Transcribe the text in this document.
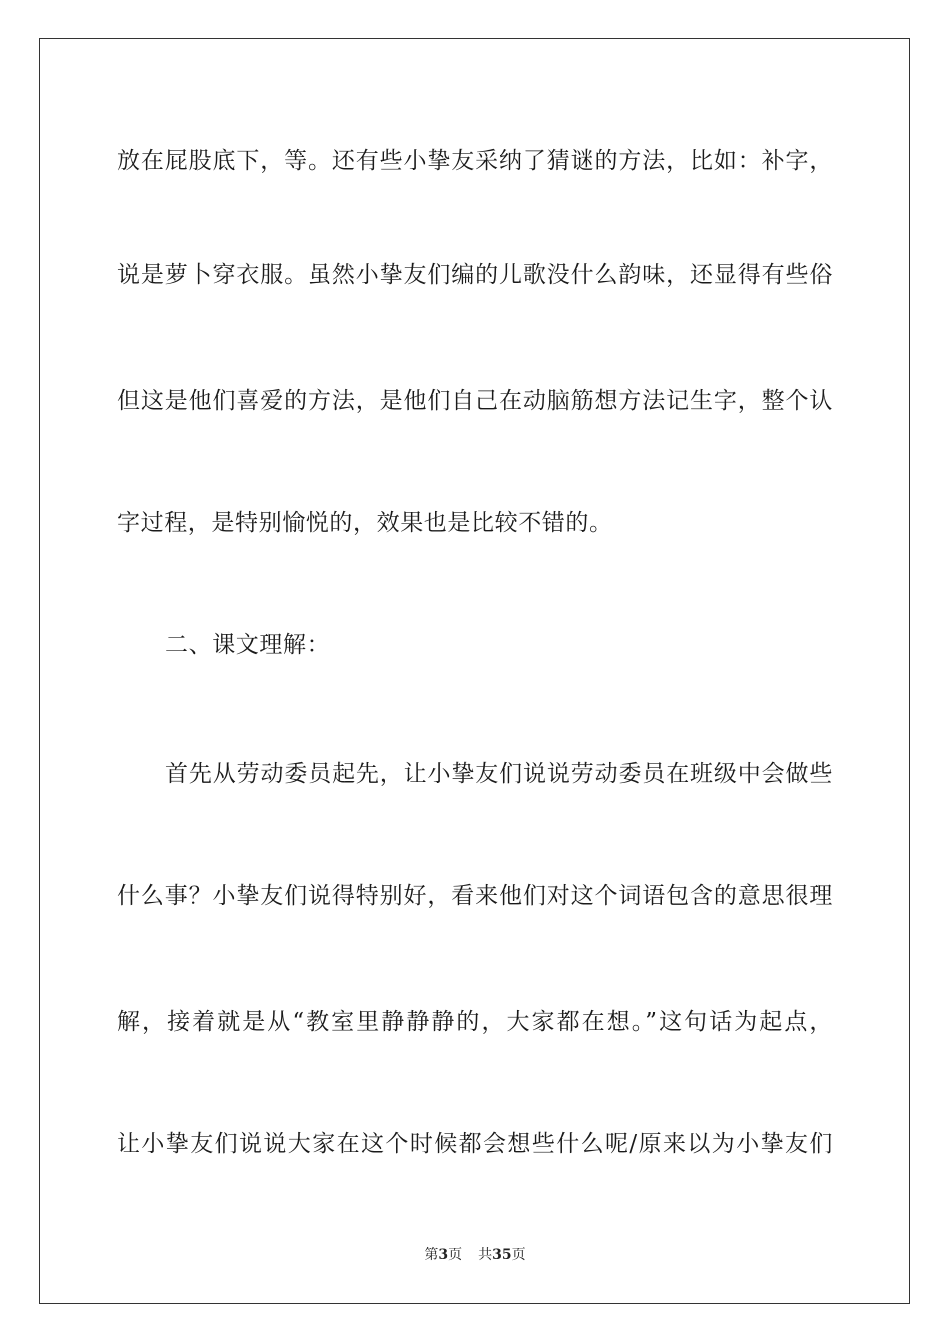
放在屁股底下，等。还有些小挚友采纳了猜谜的方法，比如：补字，
说是萝卜穿衣服。虽然小挚友们编的儿歌没什么韵味，还显得有些俗
但这是他们喜爱的方法，是他们自己在动脑筋想方法记生字，整个认
字过程，是特别愉悦的，效果也是比较不错的。
二、课文理解：
首先从劳动委员起先，让小挚友们说说劳动委员在班级中会做些
什么事？小挚友们说得特别好，看来他们对这个词语包含的意思很理
解，接着就是从“教室里静静静的，大家都在想。”这句话为起点，
让小挚友们说说大家在这个时候都会想些什么呢/原来以为小挚友们
第3页 共35页
